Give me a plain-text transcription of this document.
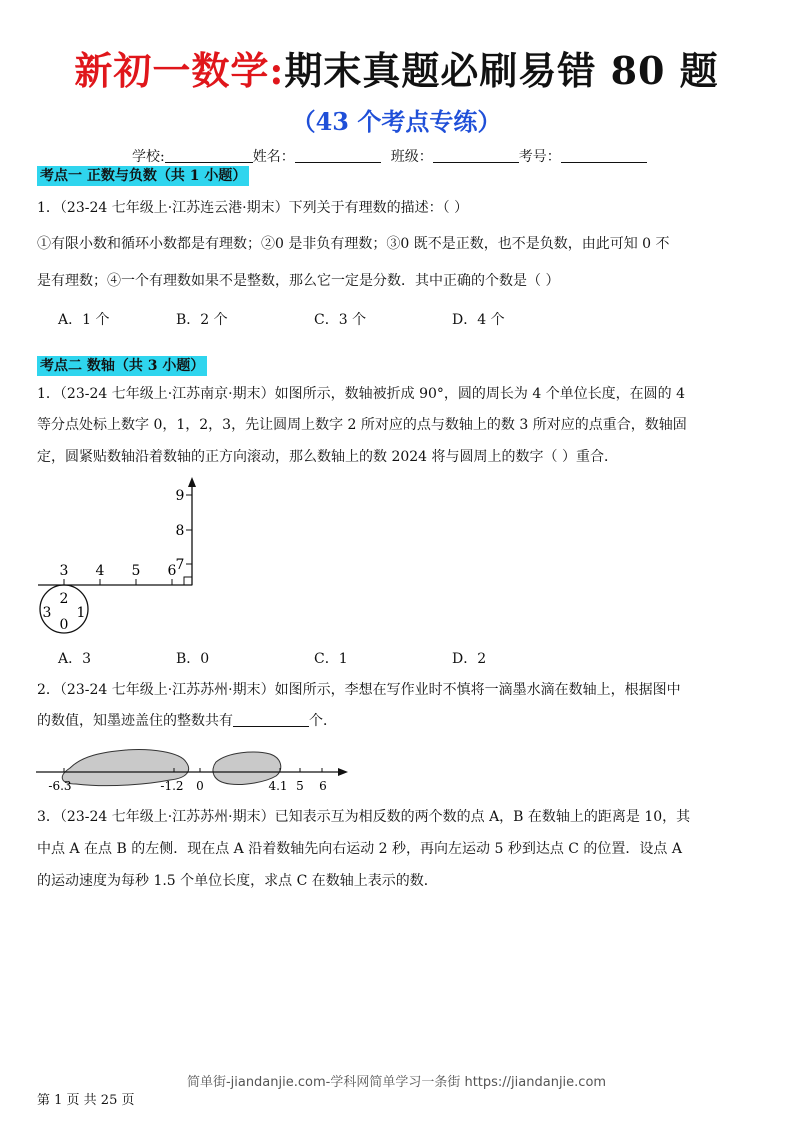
新初一数学:期末真题必刷易错 80 题
（43 个考点专练）
学校:	姓名：	班级：	考号：
考点一 正数与负数（共 1 小题）
1．（23-24 七年级上·江苏连云港·期末）下列关于有理数的描述：（ ）
①有限小数和循环小数都是有理数；②0 是非负有理数；③0 既不是正数，也不是负数，由此可知 0 不
是有理数；④一个有理数如果不是整数，那么它一定是分数．其中正确的个数是（ ）
A．1 个	B．2 个	C．3 个	D．4 个
考点二 数轴（共 3 小题）
1．（23-24 七年级上·江苏南京·期末）如图所示，数轴被折成 90°，圆的周长为 4 个单位长度，在圆的 4
等分点处标上数字 0，1，2，3，先让圆周上数字 2 所对应的点与数轴上的数 3 所对应的点重合，数轴固
定，圆紧贴数轴沿着数轴的正方向滚动，那么数轴上的数 2024 将与圆周上的数字（ ）重合．
3 4 5 6 7
8
9
2
3 1
0
A．3	B．0	C．1	D．2
2．（23-24 七年级上·江苏苏州·期末）如图所示，李想在写作业时不慎将一滴墨水滴在数轴上，根据图中
的数值，知墨迹盖住的整数共有	个．
-6.3	-1.2 0	4.1 5 6
3．（23-24 七年级上·江苏苏州·期末）已知表示互为相反数的两个数的点 A，B 在数轴上的距离是 10，其
中点 A 在点 B 的左侧．现在点 A 沿着数轴先向右运动 2 秒，再向左运动 5 秒到达点 C 的位置．设点 A
的运动速度为每秒 1.5 个单位长度，求点 C 在数轴上表示的数．
简单街-jiandanjie.com-学科网简单学习一条街 https://jiandanjie.com
第 1 页 共 25 页
